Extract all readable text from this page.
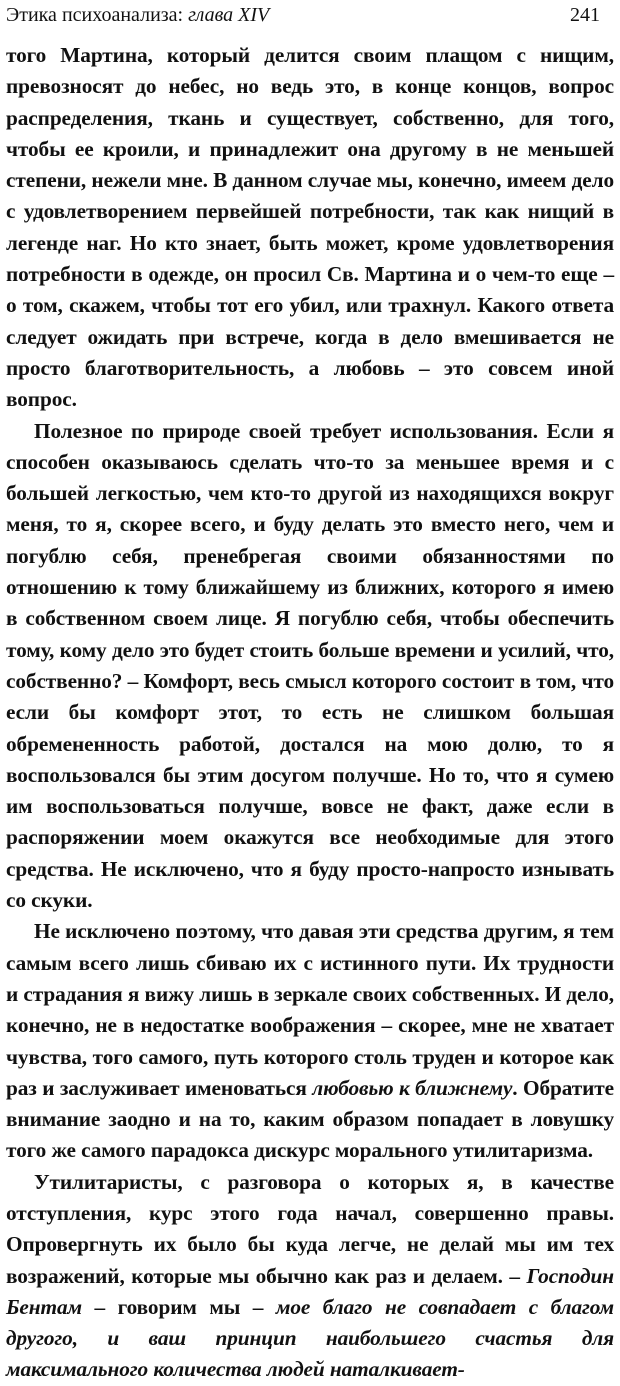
Этика психоанализа: глава XIV	241

того Мартина, который делится своим плащом с нищим, превозносят до небес, но ведь это, в конце концов, вопрос распределения, ткань и существует, собственно, для того, чтобы ее кроили, и принадлежит она другому в не меньшей степени, нежели мне. В данном случае мы, конечно, имеем дело с удовлетворением первейшей потребности, так как нищий в легенде наг. Но кто знает, быть может, кроме удовлетворения потребности в одежде, он просил Св. Мартина и о чем-то еще – о том, скажем, чтобы тот его убил, или трахнул. Какого ответа следует ожидать при встрече, когда в дело вмешивается не просто благотворительность, а любовь – это совсем иной вопрос.

Полезное по природе своей требует использования. Если я способен оказываюсь сделать что-то за меньшее время и с большей легкостью, чем кто-то другой из находящихся вокруг меня, то я, скорее всего, и буду делать это вместо него, чем и погублю себя, пренебрегая своими обязанностями по отношению к тому ближайшему из ближних, которого я имею в собственном своем лице. Я погублю себя, чтобы обеспечить тому, кому дело это будет стоить больше времени и усилий, что, собственно? – Комфорт, весь смысл которого состоит в том, что если бы комфорт этот, то есть не слишком большая обремененность работой, достался на мою долю, то я воспользовался бы этим досугом получше. Но то, что я сумею им воспользоваться получше, вовсе не факт, даже если в распоряжении моем окажутся все необходимые для этого средства. Не исключено, что я буду просто-напросто изнывать со скуки.

Не исключено поэтому, что давая эти средства другим, я тем самым всего лишь сбиваю их с истинного пути. Их трудности и страдания я вижу лишь в зеркале своих собственных. И дело, конечно, не в недостатке воображения – скорее, мне не хватает чувства, того самого, путь которого столь труден и которое как раз и заслуживает именоваться любовью к ближнему. Обратите внимание заодно и на то, каким образом попадает в ловушку того же самого парадокса дискурс морального утилитаризма.

Утилитаристы, с разговора о которых я, в качестве отступления, курс этого года начал, совершенно правы. Опровергнуть их было бы куда легче, не делай мы им тех возражений, которые мы обычно как раз и делаем. – Господин Бентам – говорим мы – мое благо не совпадает с благом другого, и ваш принцип наибольшего счастья для максимального количества людей наталкивает-
